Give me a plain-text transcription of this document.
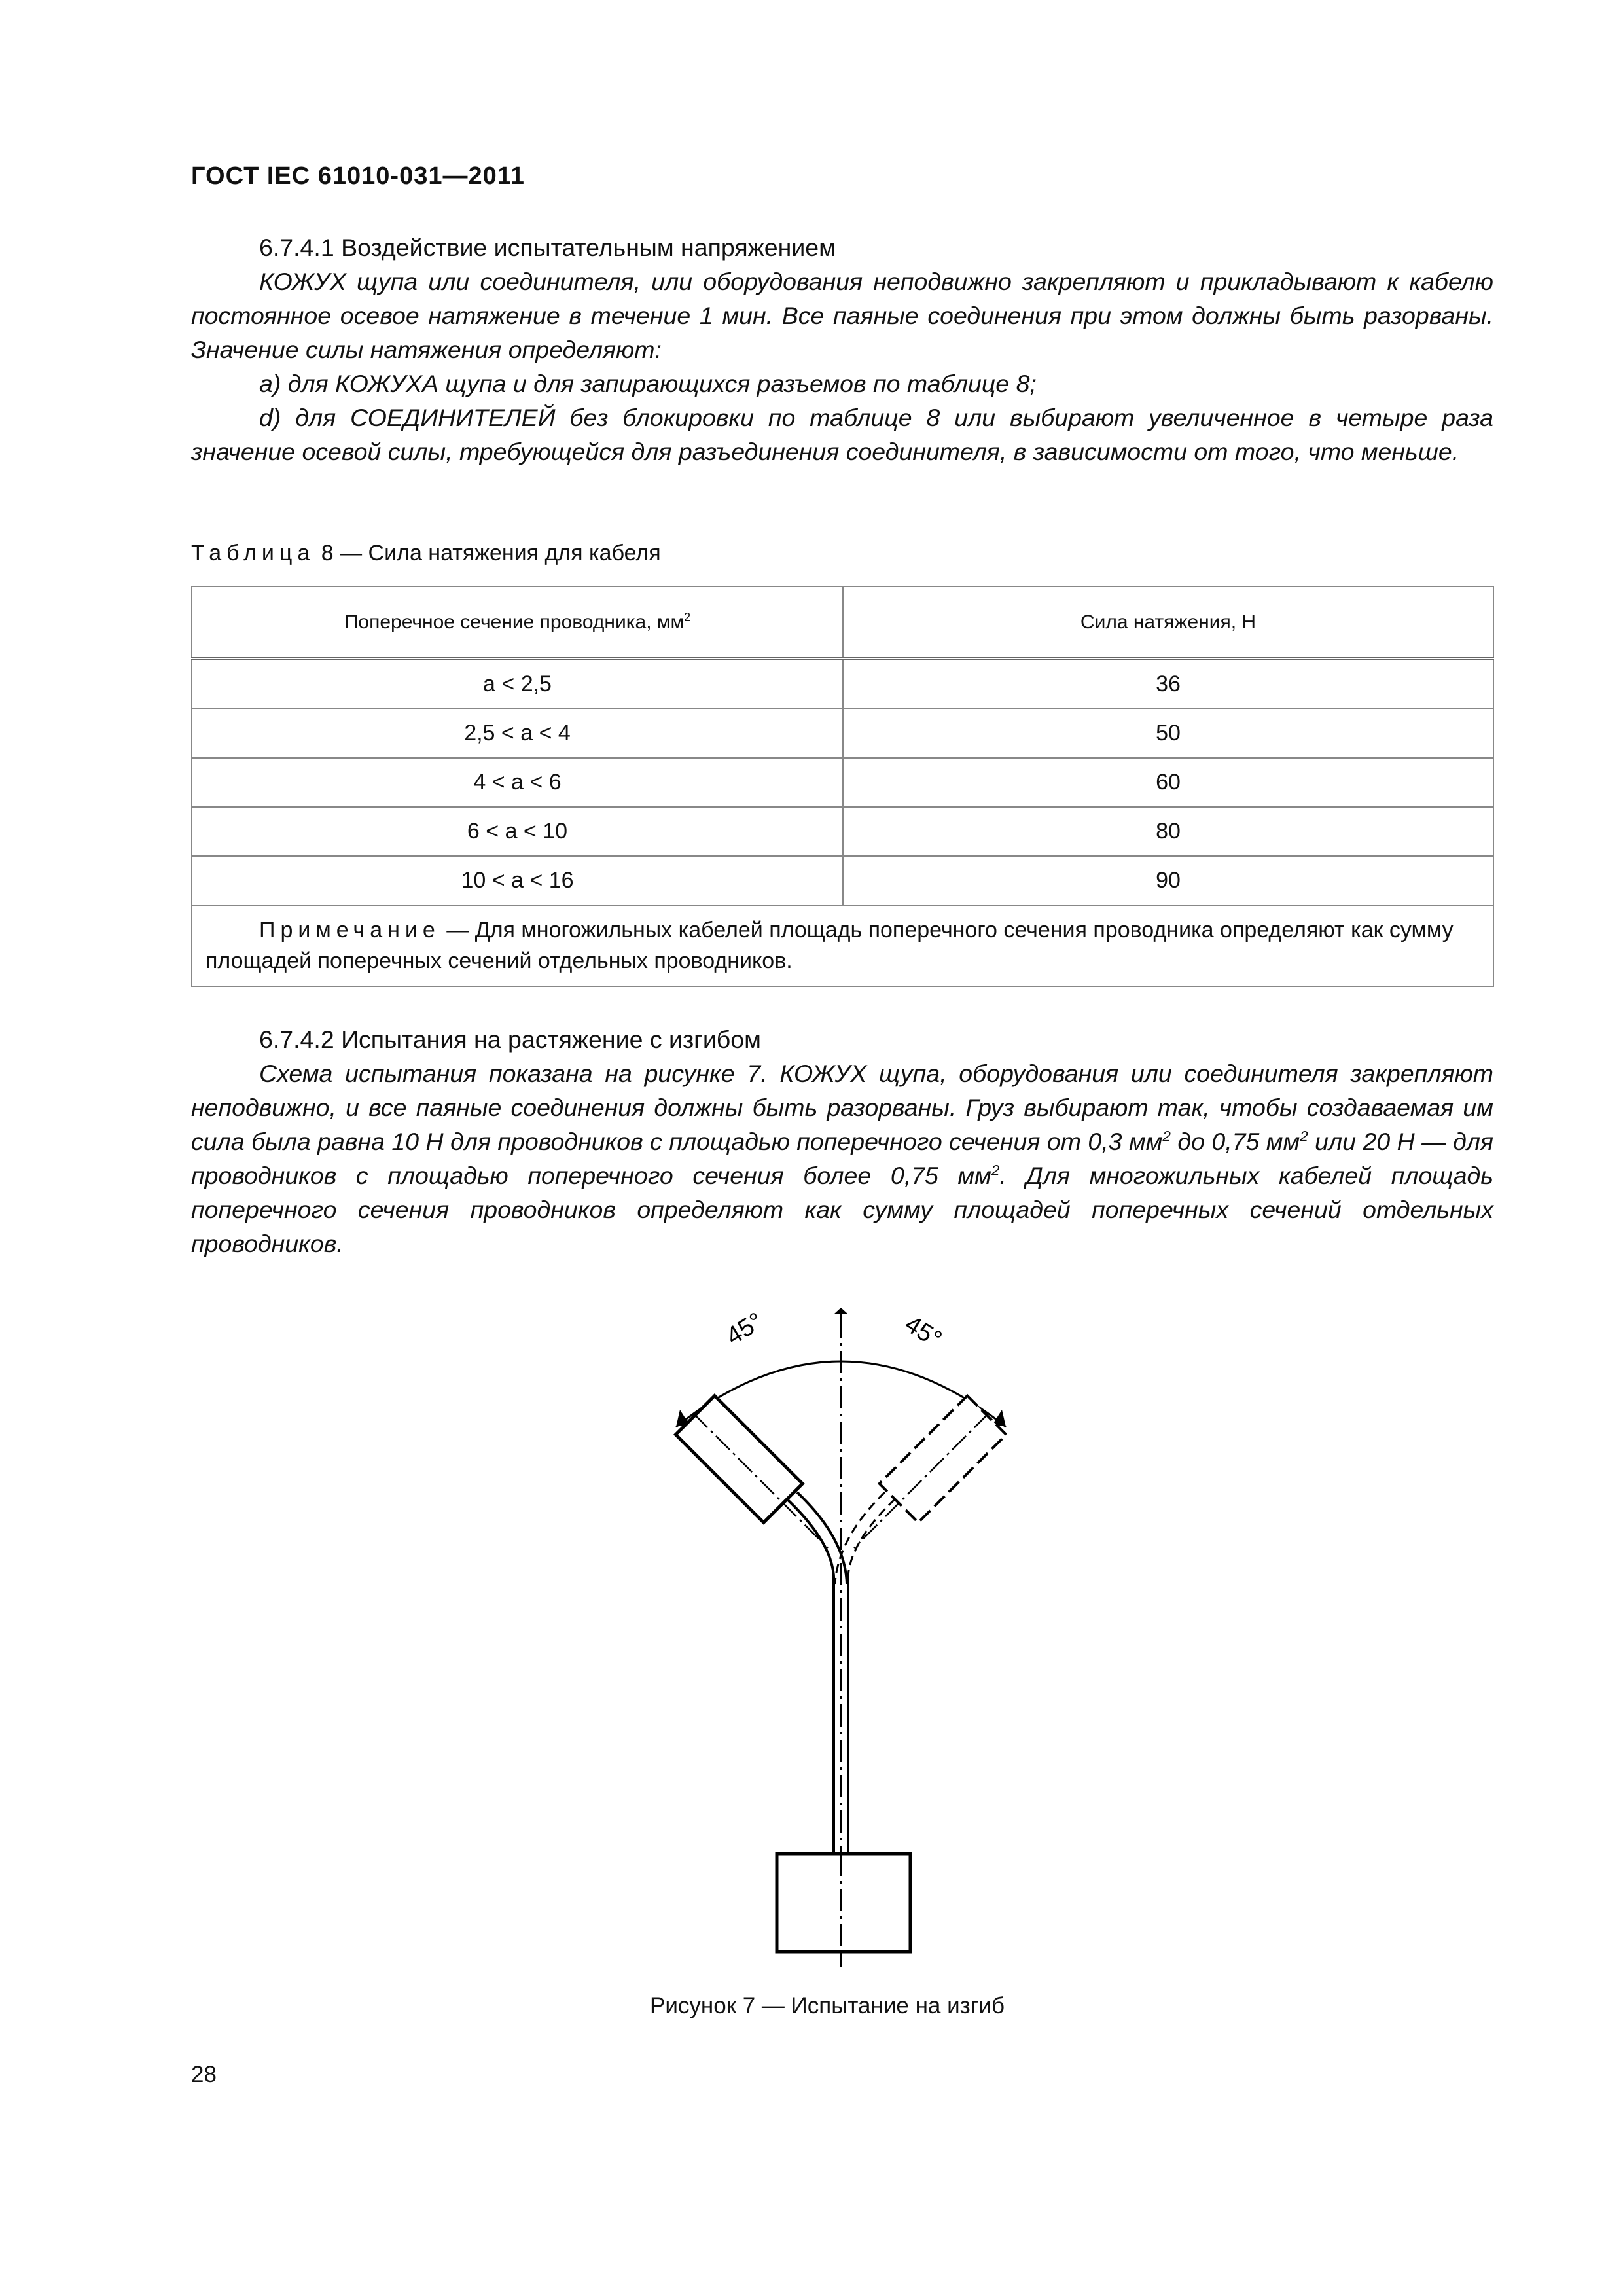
ГОСТ IEC 61010-031—2011
6.7.4.1 Воздействие испытательным напряжением
КОЖУХ щупа или соединителя, или оборудования неподвижно закрепляют и прикладывают к кабелю постоянное осевое натяжение в течение 1 мин. Все паяные соединения при этом должны быть разорваны. Значение силы натяжения определяют:
а) для КОЖУХА щупа и для запирающихся разъемов по таблице 8;
d) для СОЕДИНИТЕЛЕЙ без блокировки по таблице 8 или выбирают увеличенное в четыре раза значение осевой силы, требующейся для разъединения соединителя, в зависимости от того, что меньше.
Таблица 8 — Сила натяжения для кабеля
Поперечное сечение проводника, $мм^2$	Сила натяжения, Н
a < 2,5	36
2,5 < a < 4	50
4 < a < 6	60
6 < a < 10	80
10 < a < 16	90
Примечание — Для многожильных кабелей площадь поперечного сечения проводника определяют как сумму площадей поперечных сечений отдельных проводников.	
6.7.4.2 Испытания на растяжение с изгибом
Схема испытания показана на рисунке 7. КОЖУХ щупа, оборудования или соединителя закрепляют неподвижно, и все паяные соединения должны быть разорваны. Груз выбирают так, чтобы создаваемая им сила была равна 10 Н для проводников с площадью поперечного сечения от 0,3 $мм^2$ до 0,75 $мм^2$ или 20 Н — для проводников с площадью поперечного сечения более 0,75 $мм^2$. Для многожильных кабелей площадь поперечного сечения проводников определяют как сумму площадей поперечных сечений отдельных проводников.
45°	45°
Рисунок 7 — Испытание на изгиб
28
